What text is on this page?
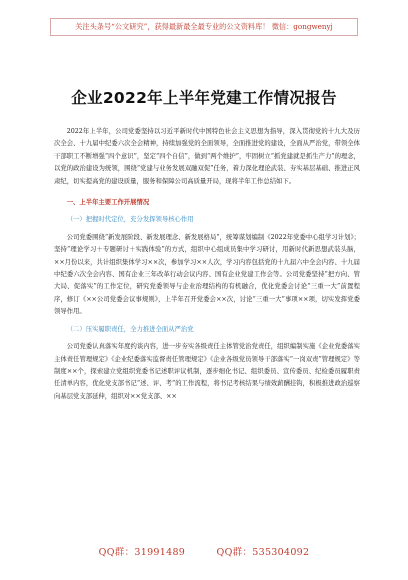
关注头条号“公文研究”，获得最新最全最专业的公文资料库！ 微信：gongwenyj
企业2022年上半年党建工作情况报告

2022年上半年，公司党委坚持以习近平新时代中国特色社会主义思想为指导，深入贯彻党的十九大及历次全会、十九届中纪委六次全会精神，持续加强党的全面领导，全面推进党的建设，全面从严治党，带领全体干部职工不断增强“四个意识”，坚定“四个自信”，做到“两个维护”，牢固树立“抓党建就是抓生产力”的理念，以党的政治建设为统领，围绕“党建与业务发展双融双促”任务，着力深化理论武装、夯实基层基础、推进正风肃纪，切实提高党的建设质量，服务和保障公司高质量开局，现将半年工作总结如下。

一、上半年主要工作开展情况

（一）把握时代定位，充分发挥领导核心作用

公司党委围绕“新发展阶段、新发展理念、新发展格局”，统筹谋划编制《2022年党委中心组学习计划》；坚持“理论学习＋专题研讨＋实践体验”的方式，组织中心组成员集中学习研讨，用新时代新思想武装头脑，××月份以来，共计组织集体学习××次，参加学习××人次，学习内容包括党的十九届六中全会内容、十九届中纪委六次全会内容、国有企业三年改革行动会议内容、国有企业党建工作会等。公司党委坚持“把方向、管大局、促落实”的工作定位，研究党委领导与企业治理结构的有机融合，优化党委会讨论“三重一大”前置程序，修订《××公司党委会议事规则》，上半年召开党委会××次，讨论“三重一大”事项××项，切实发挥党委领导作用。

（二）压实履职责任，全力推进全面从严治党

公司党委认真落实年度约谈内容，进一步夯实各级责任主体管党治党责任，组织编制实施《企业党委落实主体责任管理规定》《企业纪委落实监督责任管理规定》《企业各级党员领导干部落实“一岗双责”管理规定》等制度××个，探索建立党组织党委书记述职评议机制，逐步细化书记、组织委员、宣传委员、纪检委员履职责任清单内容，优化党支部书记“述、评、考”的工作流程，将书记考核结果与绩效薪酬挂钩，积极推进政治巡察向基层党支部延伸，组织对××党支部、××

QQ群：31991489	QQ群：535304092
